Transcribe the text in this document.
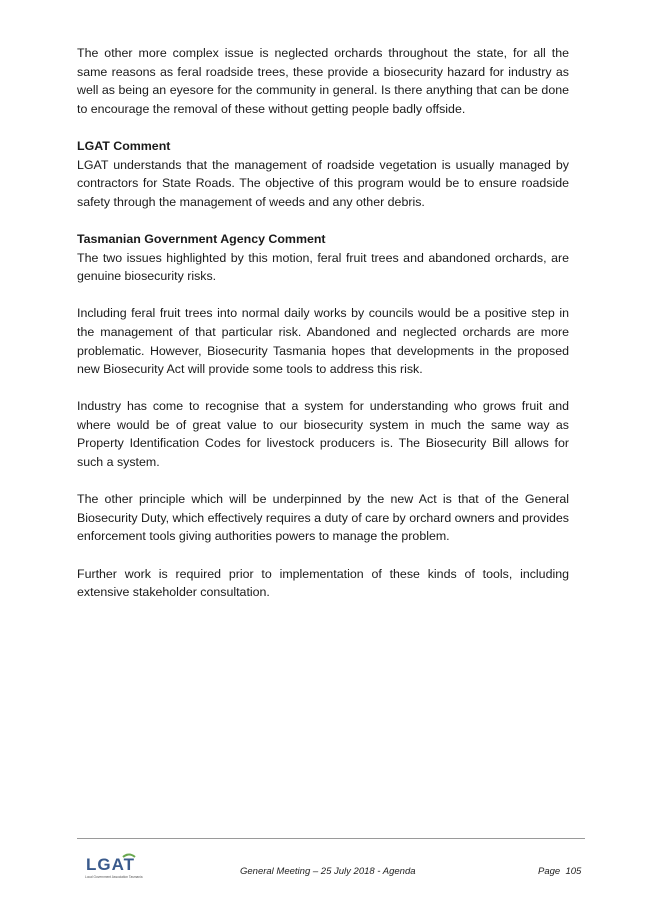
The other more complex issue is neglected orchards throughout the state, for all the same reasons as feral roadside trees, these provide a biosecurity hazard for industry as well as being an eyesore for the community in general. Is there anything that can be done to encourage the removal of these without getting people badly offside.

LGAT Comment

LGAT understands that the management of roadside vegetation is usually managed by contractors for State Roads. The objective of this program would be to ensure roadside safety through the management of weeds and any other debris.

Tasmanian Government Agency Comment

The two issues highlighted by this motion, feral fruit trees and abandoned orchards, are genuine biosecurity risks.

Including feral fruit trees into normal daily works by councils would be a positive step in the management of that particular risk. Abandoned and neglected orchards are more problematic. However, Biosecurity Tasmania hopes that developments in the proposed new Biosecurity Act will provide some tools to address this risk.

Industry has come to recognise that a system for understanding who grows fruit and where would be of great value to our biosecurity system in much the same way as Property Identification Codes for livestock producers is. The Biosecurity Bill allows for such a system.

The other principle which will be underpinned by the new Act is that of the General Biosecurity Duty, which effectively requires a duty of care by orchard owners and provides enforcement tools giving authorities powers to manage the problem.

Further work is required prior to implementation of these kinds of tools, including extensive stakeholder consultation.

LGAT
Local Government Association Tasmania	General Meeting – 25 July 2018 - Agenda	Page  105
